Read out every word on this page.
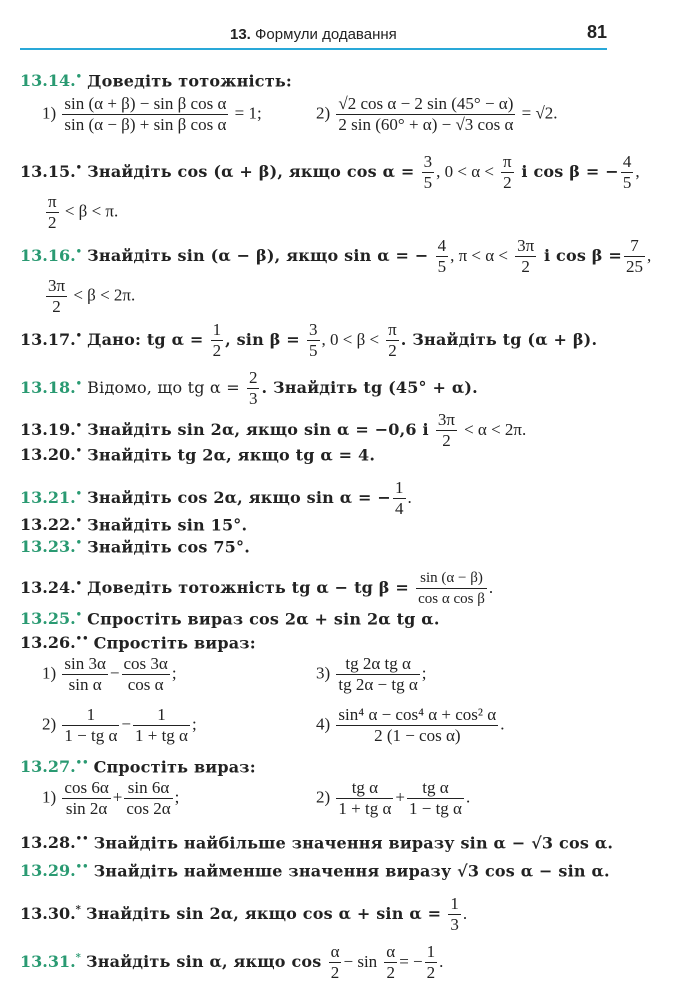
13. Формули додавання	81
13.14.• Доведіть тотожність:
$1) \frac{\text{sin (α + β) − sin β cos α}}{\text{sin (α − β) + sin β cos α}} = 1$;	$2) \frac{\text{√2 cos α − 2 sin (45° − α)}}{\text{2 sin (60° + α) − √3 cos α}} = √2$.
13.15.• Знайдіть cos (α + β), якщо $\cos \alpha = \frac{3}{5}$ , $0 < \alpha < \frac{\pi}{2}$ і cos β = − $\frac{4}{5}$ ,
$\frac{\pi}{2} < \beta < \pi$.
13.16.• Знайдіть sin (α − β), якщо sin α = − $\frac{4}{5}$ , $\pi < \alpha < \frac{3\pi}{2}$ і $\cos \beta = \frac{7}{25}$ ,
$\frac{3\pi}{2} < \beta < 2\pi$.
13.17.• Дано: tg $\alpha = \frac{1}{2}$ , $\sin \beta = \frac{3}{5}$ , $0 < \beta < \frac{\pi}{2}$ . Знайдіть tg (α + β).
13.18.• Відомо, що tg $\alpha = \frac{2}{3}$ . Знайдіть tg (45° + α).
13.19.• Знайдіть sin 2α, якщо sin α = −0,6 і $\frac{3\pi}{2} < \alpha < 2\pi$.
13.20.• Знайдіть tg 2α, якщо tg α = 4.
13.21.• Знайдіть cos 2α, якщо sin α = − $\frac{1}{4}$ .
13.22.• Знайдіть sin 15°.
13.23.• Знайдіть cos 75°.
13.24.• Доведіть тотожність tg α − tg $\beta = \frac{\sin (\alpha - \beta)}{\text{cos α cos β}}$ .
13.25.• Спростіть вираз cos 2α + sin 2α tg α.
13.26.•• Спростіть вираз:
$1) \frac{\sin 3\alpha}{\text{sin α}} - \frac{\cos 3\alpha}{\text{cos α}}$ ;	$3) \frac{\text{tg 2α tg α}}{\text{tg 2α − tg α}}$ ;
$2) \frac{1}{\text{1 − tg α}} - \frac{1}{\text{1 + tg α}}$ ;	$4) \frac{\text{sin⁴ α − cos⁴ α + cos² α}}{\text{2 (1 − cos α)}}$ .
13.27.•• Спростіть вираз:
$1) \frac{\cos 6\alpha}{\sin 2\alpha} + \frac{\sin 6\alpha}{\cos 2\alpha}$ ;	$2) \frac{\text{tg α}}{\text{1 + tg α}} + \frac{\text{tg α}}{\text{1 − tg α}}$ .
13.28.•• Знайдіть найбільше значення виразу sin α − √3 cos α.
13.29.•• Знайдіть найменше значення виразу √3 cos α − sin α.
13.30.* Знайдіть sin 2α, якщо $\cos \alpha + \sin \alpha = \frac{1}{3}$ .
13.31.* Знайдіть sin α, якщо $\cos \frac{\alpha}{2} - \sin \frac{\alpha}{2}$ = − $\frac{1}{2}$ .
